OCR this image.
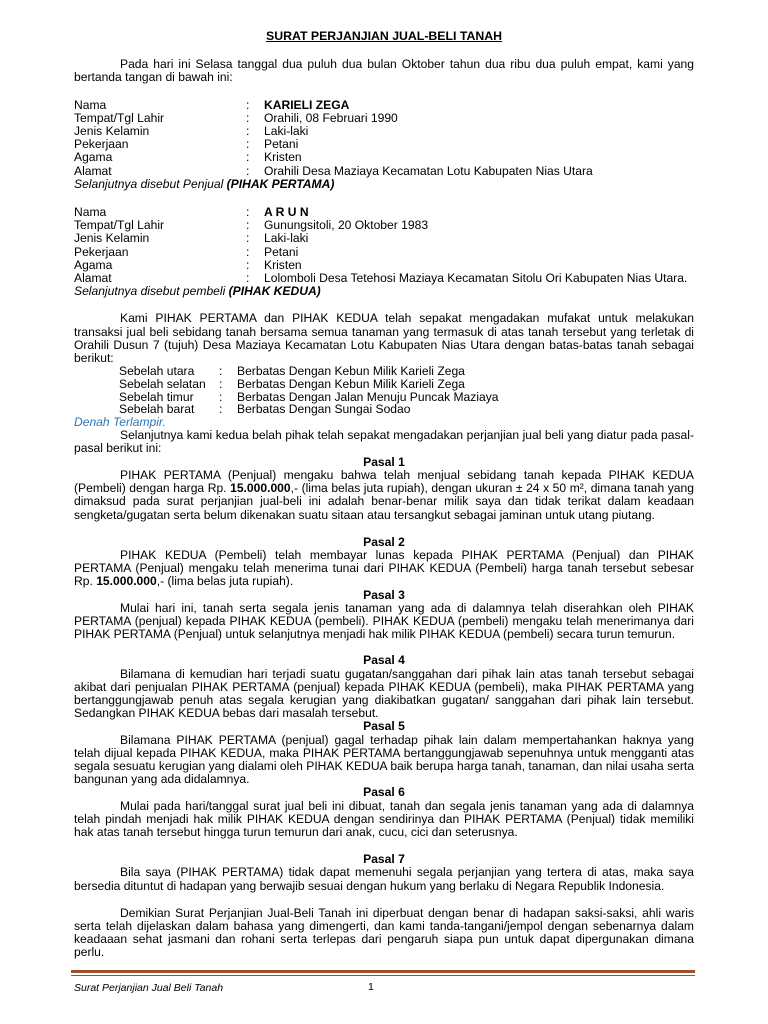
SURAT PERJANJIAN JUAL-BELI TANAH

Pada hari ini Selasa tanggal dua puluh dua bulan Oktober tahun dua ribu dua puluh empat, kami yang bertanda tangan di bawah ini:

Nama	:	KARIELI ZEGA
Tempat/Tgl Lahir	:	Orahili, 08 Februari 1990
Jenis Kelamin	:	Laki-laki
Pekerjaan	:	Petani
Agama	:	Kristen
Alamat	:	Orahili Desa Maziaya Kecamatan Lotu Kabupaten Nias Utara

Selanjutnya disebut Penjual (PIHAK PERTAMA)

Nama	:	A R U N
Tempat/Tgl Lahir	:	Gunungsitoli, 20 Oktober 1983
Jenis Kelamin	:	Laki-laki
Pekerjaan	:	Petani
Agama	:	Kristen
Alamat	:	Lolomboli Desa Tetehosi Maziaya Kecamatan Sitolu Ori Kabupaten Nias Utara.

Selanjutnya disebut pembeli (PIHAK KEDUA)

Kami PIHAK PERTAMA dan PIHAK KEDUA telah sepakat mengadakan mufakat untuk melakukan transaksi jual beli sebidang tanah bersama semua tanaman yang termasuk di atas tanah tersebut yang terletak di Orahili Dusun 7 (tujuh) Desa Maziaya Kecamatan Lotu Kabupaten Nias Utara dengan batas-batas tanah sebagai berikut:

Sebelah utara	:	Berbatas Dengan Kebun Milik Karieli Zega
Sebelah selatan	:	Berbatas Dengan Kebun Milik Karieli Zega
Sebelah timur	:	Berbatas Dengan Jalan Menuju Puncak Maziaya
Sebelah barat	:	Berbatas Dengan Sungai Sodao

Denah Terlampir.

Selanjutnya kami kedua belah pihak telah sepakat mengadakan perjanjian jual beli yang diatur pada pasal-pasal berikut ini:

Pasal 1

PIHAK PERTAMA (Penjual) mengaku bahwa telah menjual sebidang tanah kepada PIHAK KEDUA (Pembeli) dengan harga Rp. 15.000.000,- (lima belas juta rupiah), dengan ukuran ± 24 x 50 m², dimana tanah yang dimaksud pada surat perjanjian jual-beli ini adalah benar-benar milik saya dan tidak terikat dalam keadaan sengketa/gugatan serta belum dikenakan suatu sitaan atau tersangkut sebagai jaminan untuk utang piutang.

Pasal 2

PIHAK KEDUA (Pembeli) telah membayar lunas kepada PIHAK PERTAMA (Penjual) dan PIHAK PERTAMA (Penjual) mengaku telah menerima tunai dari PIHAK KEDUA (Pembeli) harga tanah tersebut sebesar Rp. 15.000.000,- (lima belas juta rupiah).

Pasal 3

Mulai hari ini, tanah serta segala jenis tanaman yang ada di dalamnya telah diserahkan oleh PIHAK PERTAMA (penjual) kepada PIHAK KEDUA (pembeli). PIHAK KEDUA (pembeli) mengaku telah menerimanya dari PIHAK PERTAMA (Penjual) untuk selanjutnya menjadi hak milik PIHAK KEDUA (pembeli) secara turun temurun.

Pasal 4

Bilamana di kemudian hari terjadi suatu gugatan/sanggahan dari pihak lain atas tanah tersebut sebagai akibat dari penjualan PIHAK PERTAMA (penjual) kepada PIHAK KEDUA (pembeli), maka PIHAK PERTAMA yang bertanggungjawab penuh atas segala kerugian yang diakibatkan gugatan/ sanggahan dari pihak lain tersebut. Sedangkan PIHAK KEDUA bebas dari masalah tersebut.

Pasal 5

Bilamana PIHAK PERTAMA (penjual) gagal terhadap pihak lain dalam mempertahankan haknya yang telah dijual kepada PIHAK KEDUA, maka PIHAK PERTAMA bertanggungjawab sepenuhnya untuk mengganti atas segala sesuatu kerugian yang dialami oleh PIHAK KEDUA baik berupa harga tanah, tanaman, dan nilai usaha serta bangunan yang ada didalamnya.

Pasal 6

Mulai pada hari/tanggal surat jual beli ini dibuat, tanah dan segala jenis tanaman yang ada di dalamnya telah pindah menjadi hak milik PIHAK KEDUA dengan sendirinya dan PIHAK PERTAMA (Penjual) tidak memiliki hak atas tanah tersebut hingga turun temurun dari anak, cucu, cici dan seterusnya.

Pasal 7

Bila saya (PIHAK PERTAMA) tidak dapat memenuhi segala perjanjian yang tertera di atas, maka saya bersedia dituntut di hadapan yang berwajib sesuai dengan hukum yang berlaku di Negara Republik Indonesia.

Demikian Surat Perjanjian Jual-Beli Tanah ini diperbuat dengan benar di hadapan saksi-saksi, ahli waris serta telah dijelaskan dalam bahasa yang dimengerti, dan kami tanda-tangani/jempol dengan sebenarnya dalam keadaaan sehat jasmani dan rohani serta terlepas dari pengaruh siapa pun untuk dapat dipergunakan dimana perlu.

Surat Perjanjian Jual Beli Tanah	1
